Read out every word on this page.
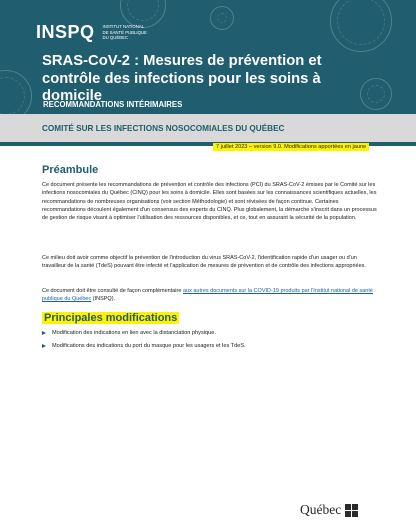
INSPQ INSTITUT NATIONAL DE SANTÉ PUBLIQUE DU QUÉBEC
SRAS-CoV-2 : Mesures de prévention et contrôle des infections pour les soins à domicile
RECOMMANDATIONS INTÉRIMAIRES
COMITÉ SUR LES INFECTIONS NOSOCOMIALES DU QUÉBEC
7 juillet 2023 – version 9.0. Modifications apportées en jaune
Préambule

Ce document présente les recommandations de prévention et contrôle des infections (PCI) du SRAS-CoV-2 émises par le Comité sur les infections nosocomiales du Québec (CINQ) pour les soins à domicile. Elles sont basées sur les connaissances scientifiques actuelles, les recommandations de nombreuses organisations (voir section Méthodologie) et sont révisées de façon continue. Certaines recommandations découlent également d'un consensus des experts du CINQ. Plus globalement, la démarche s'inscrit dans un processus de gestion de risque visant à optimiser l'utilisation des ressources disponibles, et ce, tout en assurant la sécurité de la population.

Ce milieu doit avoir comme objectif la prévention de l'introduction du virus SRAS-CoV-2, l'identification rapide d'un usager ou d'un travailleur de la santé (TdeS) pouvant être infecté et l'application de mesures de prévention et de contrôle des infections appropriées.

Ce document doit être consulté de façon complémentaire aux autres documents sur la COVID-19 produits par l'Institut national de santé publique du Québec (INSPQ).

Principales modifications
Modification des indications en lien avec la distanciation physique.
Modifications des indications du port du masque pour les usagers et les TdeS.
Québec
